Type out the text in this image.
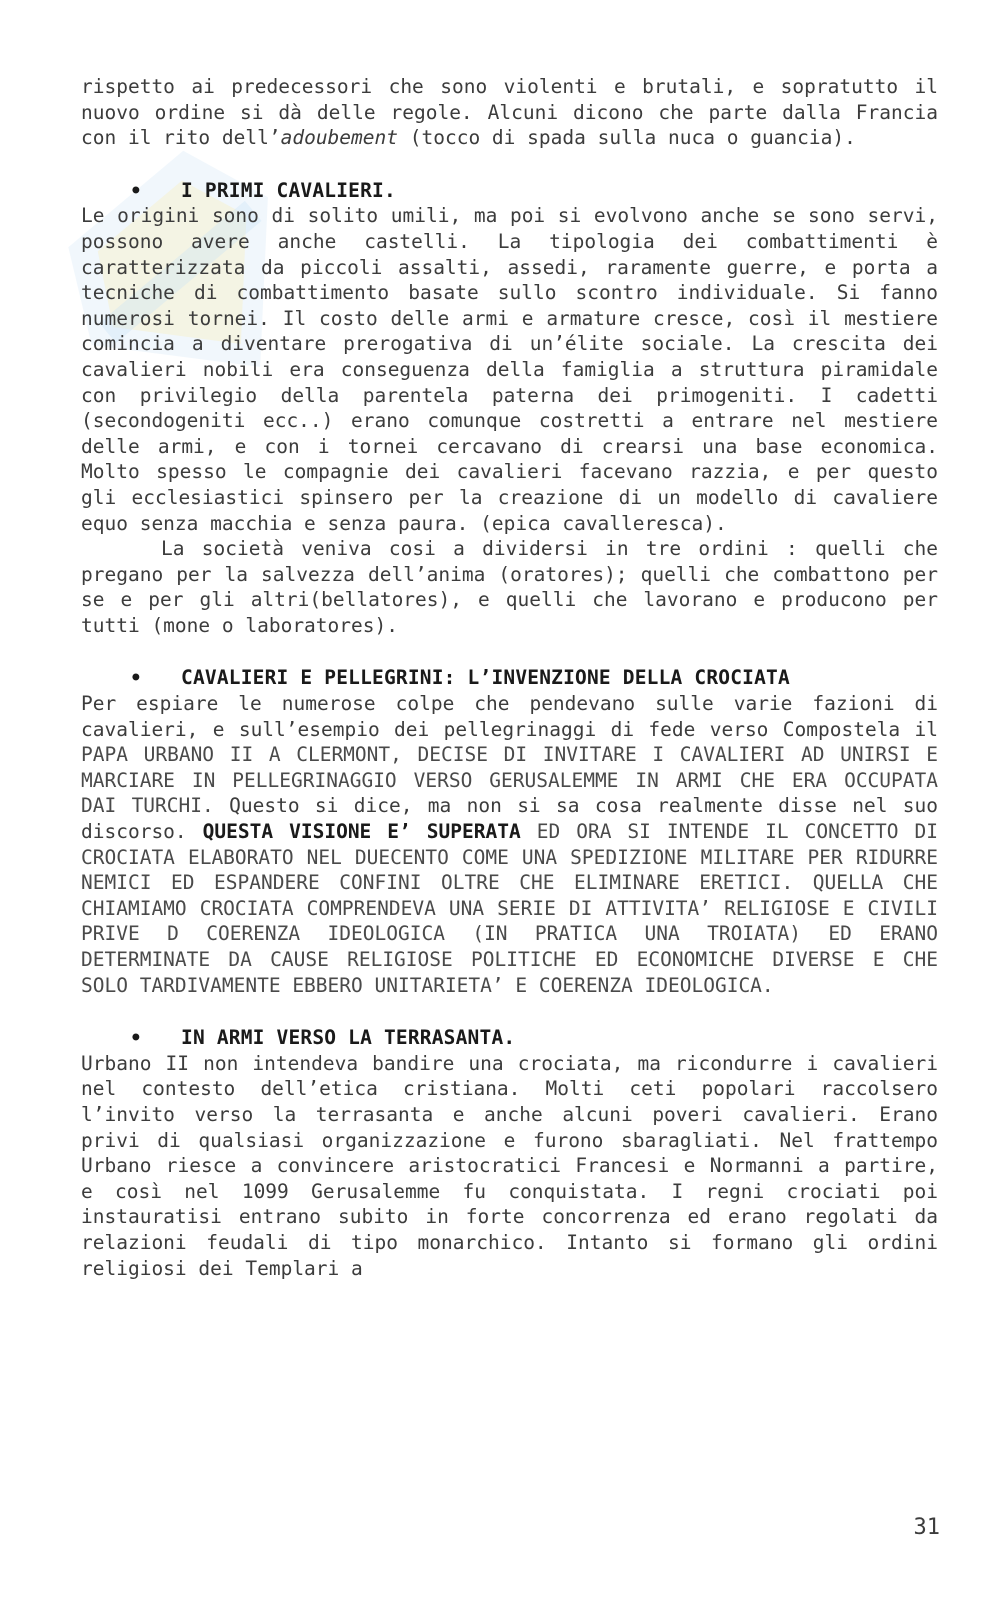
rispetto ai predecessori che sono violenti e brutali, e sopratutto il nuovo ordine si dà delle regole. Alcuni dicono che parte dalla Francia con il rito dell’adoubement (tocco di spada sulla nuca o guancia).

• I PRIMI CAVALIERI.

Le origini sono di solito umili, ma poi si evolvono anche se sono servi, possono avere anche castelli. La tipologia dei combattimenti è caratterizzata da piccoli assalti, assedi, raramente guerre, e porta a tecniche di combattimento basate sullo scontro individuale. Si fanno numerosi tornei. Il costo delle armi e armature cresce, così il mestiere comincia a diventare prerogativa di un’élite sociale. La crescita dei cavalieri nobili era conseguenza della famiglia a struttura piramidale con privilegio della parentela paterna dei primogeniti. I cadetti (secondogeniti ecc..) erano comunque costretti a entrare nel mestiere delle armi, e con i tornei cercavano di crearsi una base economica. Molto spesso le compagnie dei cavalieri facevano razzia, e per questo gli ecclesiastici spinsero per la creazione di un modello di cavaliere equo senza macchia e senza paura. (epica cavalleresca).

La società veniva cosi a dividersi in tre ordini : quelli che pregano per la salvezza dell’anima (oratores); quelli che combattono per se e per gli altri(bellatores), e quelli che lavorano e producono per tutti (mone o laboratores).

• CAVALIERI E PELLEGRINI: L’INVENZIONE DELLA CROCIATA

Per espiare le numerose colpe che pendevano sulle varie fazioni di cavalieri, e sull’esempio dei pellegrinaggi di fede verso Compostela il PAPA URBANO II A CLERMONT, DECISE DI INVITARE I CAVALIERI AD UNIRSI E MARCIARE IN PELLEGRINAGGIO VERSO GERUSALEMME IN ARMI CHE ERA OCCUPATA DAI TURCHI. Questo si dice, ma non si sa cosa realmente disse nel suo discorso. QUESTA VISIONE E’ SUPERATA ED ORA SI INTENDE IL CONCETTO DI CROCIATA ELABORATO NEL DUECENTO COME UNA SPEDIZIONE MILITARE PER RIDURRE NEMICI ED ESPANDERE CONFINI OLTRE CHE ELIMINARE ERETICI. QUELLA CHE CHIAMIAMO CROCIATA COMPRENDEVA UNA SERIE DI ATTIVITA’ RELIGIOSE E CIVILI PRIVE D COERENZA IDEOLOGICA (IN PRATICA UNA TROIATA) ED ERANO DETERMINATE DA CAUSE RELIGIOSE POLITICHE ED ECONOMICHE DIVERSE E CHE SOLO TARDIVAMENTE EBBERO UNITARIETA’ E COERENZA IDEOLOGICA.

• IN ARMI VERSO LA TERRASANTA.

Urbano II non intendeva bandire una crociata, ma ricondurre i cavalieri nel contesto dell’etica cristiana. Molti ceti popolari raccolsero l’invito verso la terrasanta e anche alcuni poveri cavalieri. Erano privi di qualsiasi organizzazione e furono sbaragliati. Nel frattempo Urbano riesce a convincere aristocratici Francesi e Normanni a partire, e così nel 1099 Gerusalemme fu conquistata. I regni crociati poi instauratisi entrano subito in forte concorrenza ed erano regolati da relazioni feudali di tipo monarchico. Intanto si formano gli ordini religiosi dei Templari a

31
